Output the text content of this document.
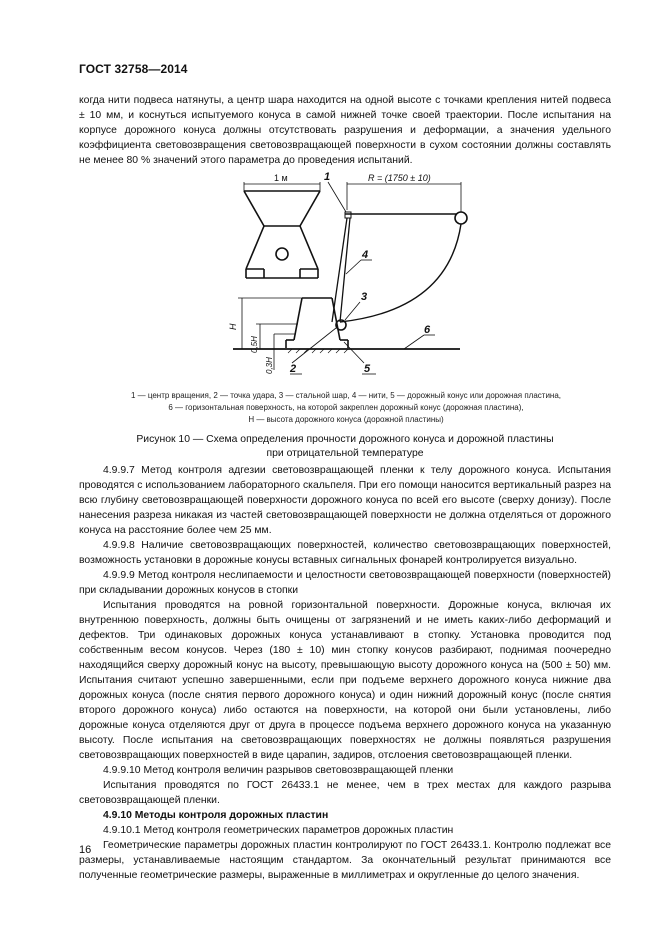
ГОСТ 32758—2014

когда нити подвеса натянуты, а центр шара находится на одной высоте с точками крепления нитей подвеса ± 10 мм, и коснуться испытуемого конуса в самой нижней точке своей траектории. После испытания на корпусе дорожного конуса должны отсутствовать разрушения и деформации, а значения удельного коэффициента световозвращения световозвращающей поверхности в сухом состоянии должны составлять не менее 80 % значений этого параметра до проведения испытаний.

1 м	R = (1750 ± 10)
1
4
3
6
H
0,5H
0,3H 2	5
1 — центр вращения, 2 — точка удара, 3 — стальной шар, 4 — нити, 5 — дорожный конус или дорожная пластина,
6 — горизонтальная поверхность, на которой закреплен дорожный конус (дорожная пластина),
H — высота дорожного конуса (дорожной пластины)
Рисунок 10 — Схема определения прочности дорожного конуса и дорожной пластины
при отрицательной температуре

4.9.9.7 Метод контроля адгезии световозвращающей пленки к телу дорожного конуса. Испытания проводятся с использованием лабораторного скальпеля. При его помощи наносится вертикальный разрез на всю глубину световозвращающей поверхности дорожного конуса по всей его высоте (сверху донизу). После нанесения разреза никакая из частей световозвращающей поверхности не должна отделяться от дорожного конуса на расстояние более чем 25 мм.

4.9.9.8 Наличие световозвращающих поверхностей, количество световозвращающих поверхностей, возможность установки в дорожные конусы вставных сигнальных фонарей контролируется визуально.

4.9.9.9 Метод контроля неслипаемости и целостности световозвращающей поверхности (поверхностей) при складывании дорожных конусов в стопки

Испытания проводятся на ровной горизонтальной поверхности. Дорожные конуса, включая их внутреннюю поверхность, должны быть очищены от загрязнений и не иметь каких-либо деформаций и дефектов. Три одинаковых дорожных конуса устанавливают в стопку. Установка проводится под собственным весом конусов. Через (180 ± 10) мин стопку конусов разбирают, поднимая поочередно находящийся сверху дорожный конус на высоту, превышающую высоту дорожного конуса на (500 ± 50) мм. Испытания считают успешно завершенными, если при подъеме верхнего дорожного конуса нижние два дорожных конуса (после снятия первого дорожного конуса) и один нижний дорожный конус (после снятия второго дорожного конуса) либо остаются на поверхности, на которой они были установлены, либо дорожные конуса отделяются друг от друга в процессе подъема верхнего дорожного конуса на указанную высоту. После испытания на световозвращающих поверхностях не должны появляться разрушения световозвращающих поверхностей в виде царапин, задиров, отслоения световозвращающей пленки.

4.9.9.10 Метод контроля величин разрывов световозвращающей пленки

Испытания проводятся по ГОСТ 26433.1 не менее, чем в трех местах для каждого разрыва световозвращающей пленки.

4.9.10 Методы контроля дорожных пластин

4.9.10.1 Метод контроля геометрических параметров дорожных пластин

Геометрические параметры дорожных пластин контролируют по ГОСТ 26433.1. Контролю подлежат все размеры, устанавливаемые настоящим стандартом. За окончательный результат принимаются все полученные геометрические размеры, выраженные в миллиметрах и округленные до целого значения.

16
